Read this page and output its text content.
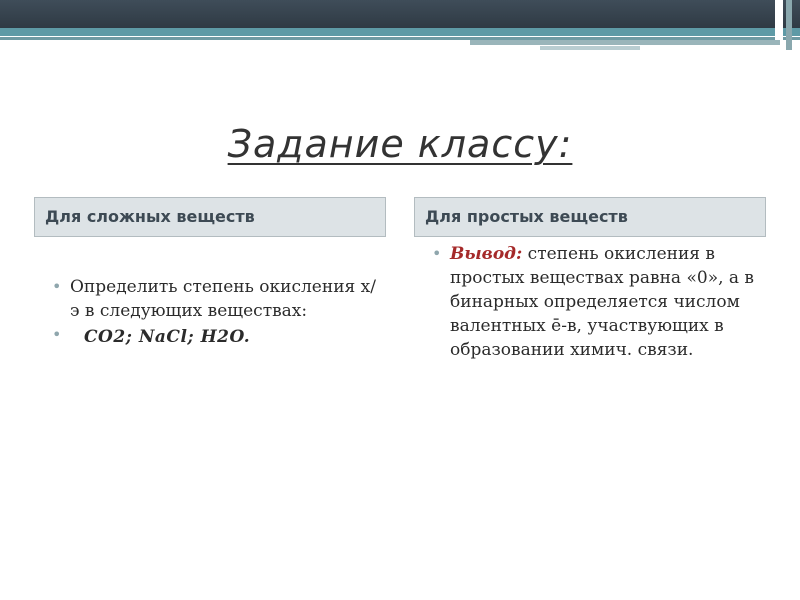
Задание классу:
Для сложных веществ	Для простых веществ
• Определить степень окисления х/э в следующих веществах:
• CO2; NaCl; H2O.
• Вывод: степень окисления в простых веществах равна «0», а в бинарных определяется числом валентных ē-в, участвующих в образовании химич. связи.
